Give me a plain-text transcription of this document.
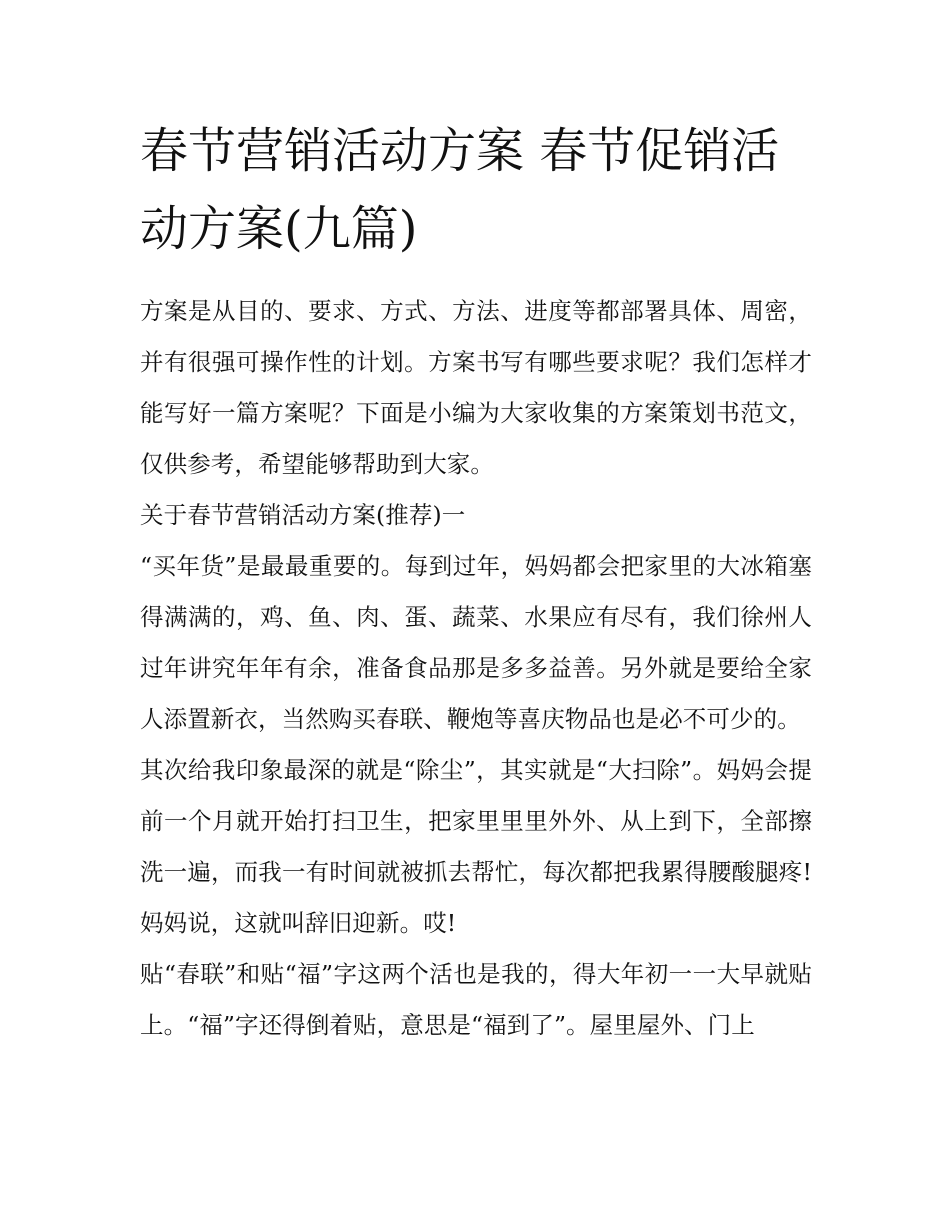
春节营销活动方案 春节促销活动方案(九篇)

方案是从目的、要求、方式、方法、进度等都部署具体、周密，并有很强可操作性的计划。方案书写有哪些要求呢？我们怎样才能写好一篇方案呢？下面是小编为大家收集的方案策划书范文，仅供参考，希望能够帮助到大家。

关于春节营销活动方案(推荐)一

“买年货”是最最重要的。每到过年，妈妈都会把家里的大冰箱塞得满满的，鸡、鱼、肉、蛋、蔬菜、水果应有尽有，我们徐州人过年讲究年年有余，准备食品那是多多益善。另外就是要给全家人添置新衣，当然购买春联、鞭炮等喜庆物品也是必不可少的。

其次给我印象最深的就是“除尘”，其实就是“大扫除”。妈妈会提前一个月就开始打扫卫生，把家里里里外外、从上到下，全部擦洗一遍，而我一有时间就被抓去帮忙，每次都把我累得腰酸腿疼!妈妈说，这就叫辞旧迎新。哎!

贴“春联”和贴“福”字这两个活也是我的，得大年初一一大早就贴上。“福”字还得倒着贴，意思是“福到了”。屋里屋外、门上
